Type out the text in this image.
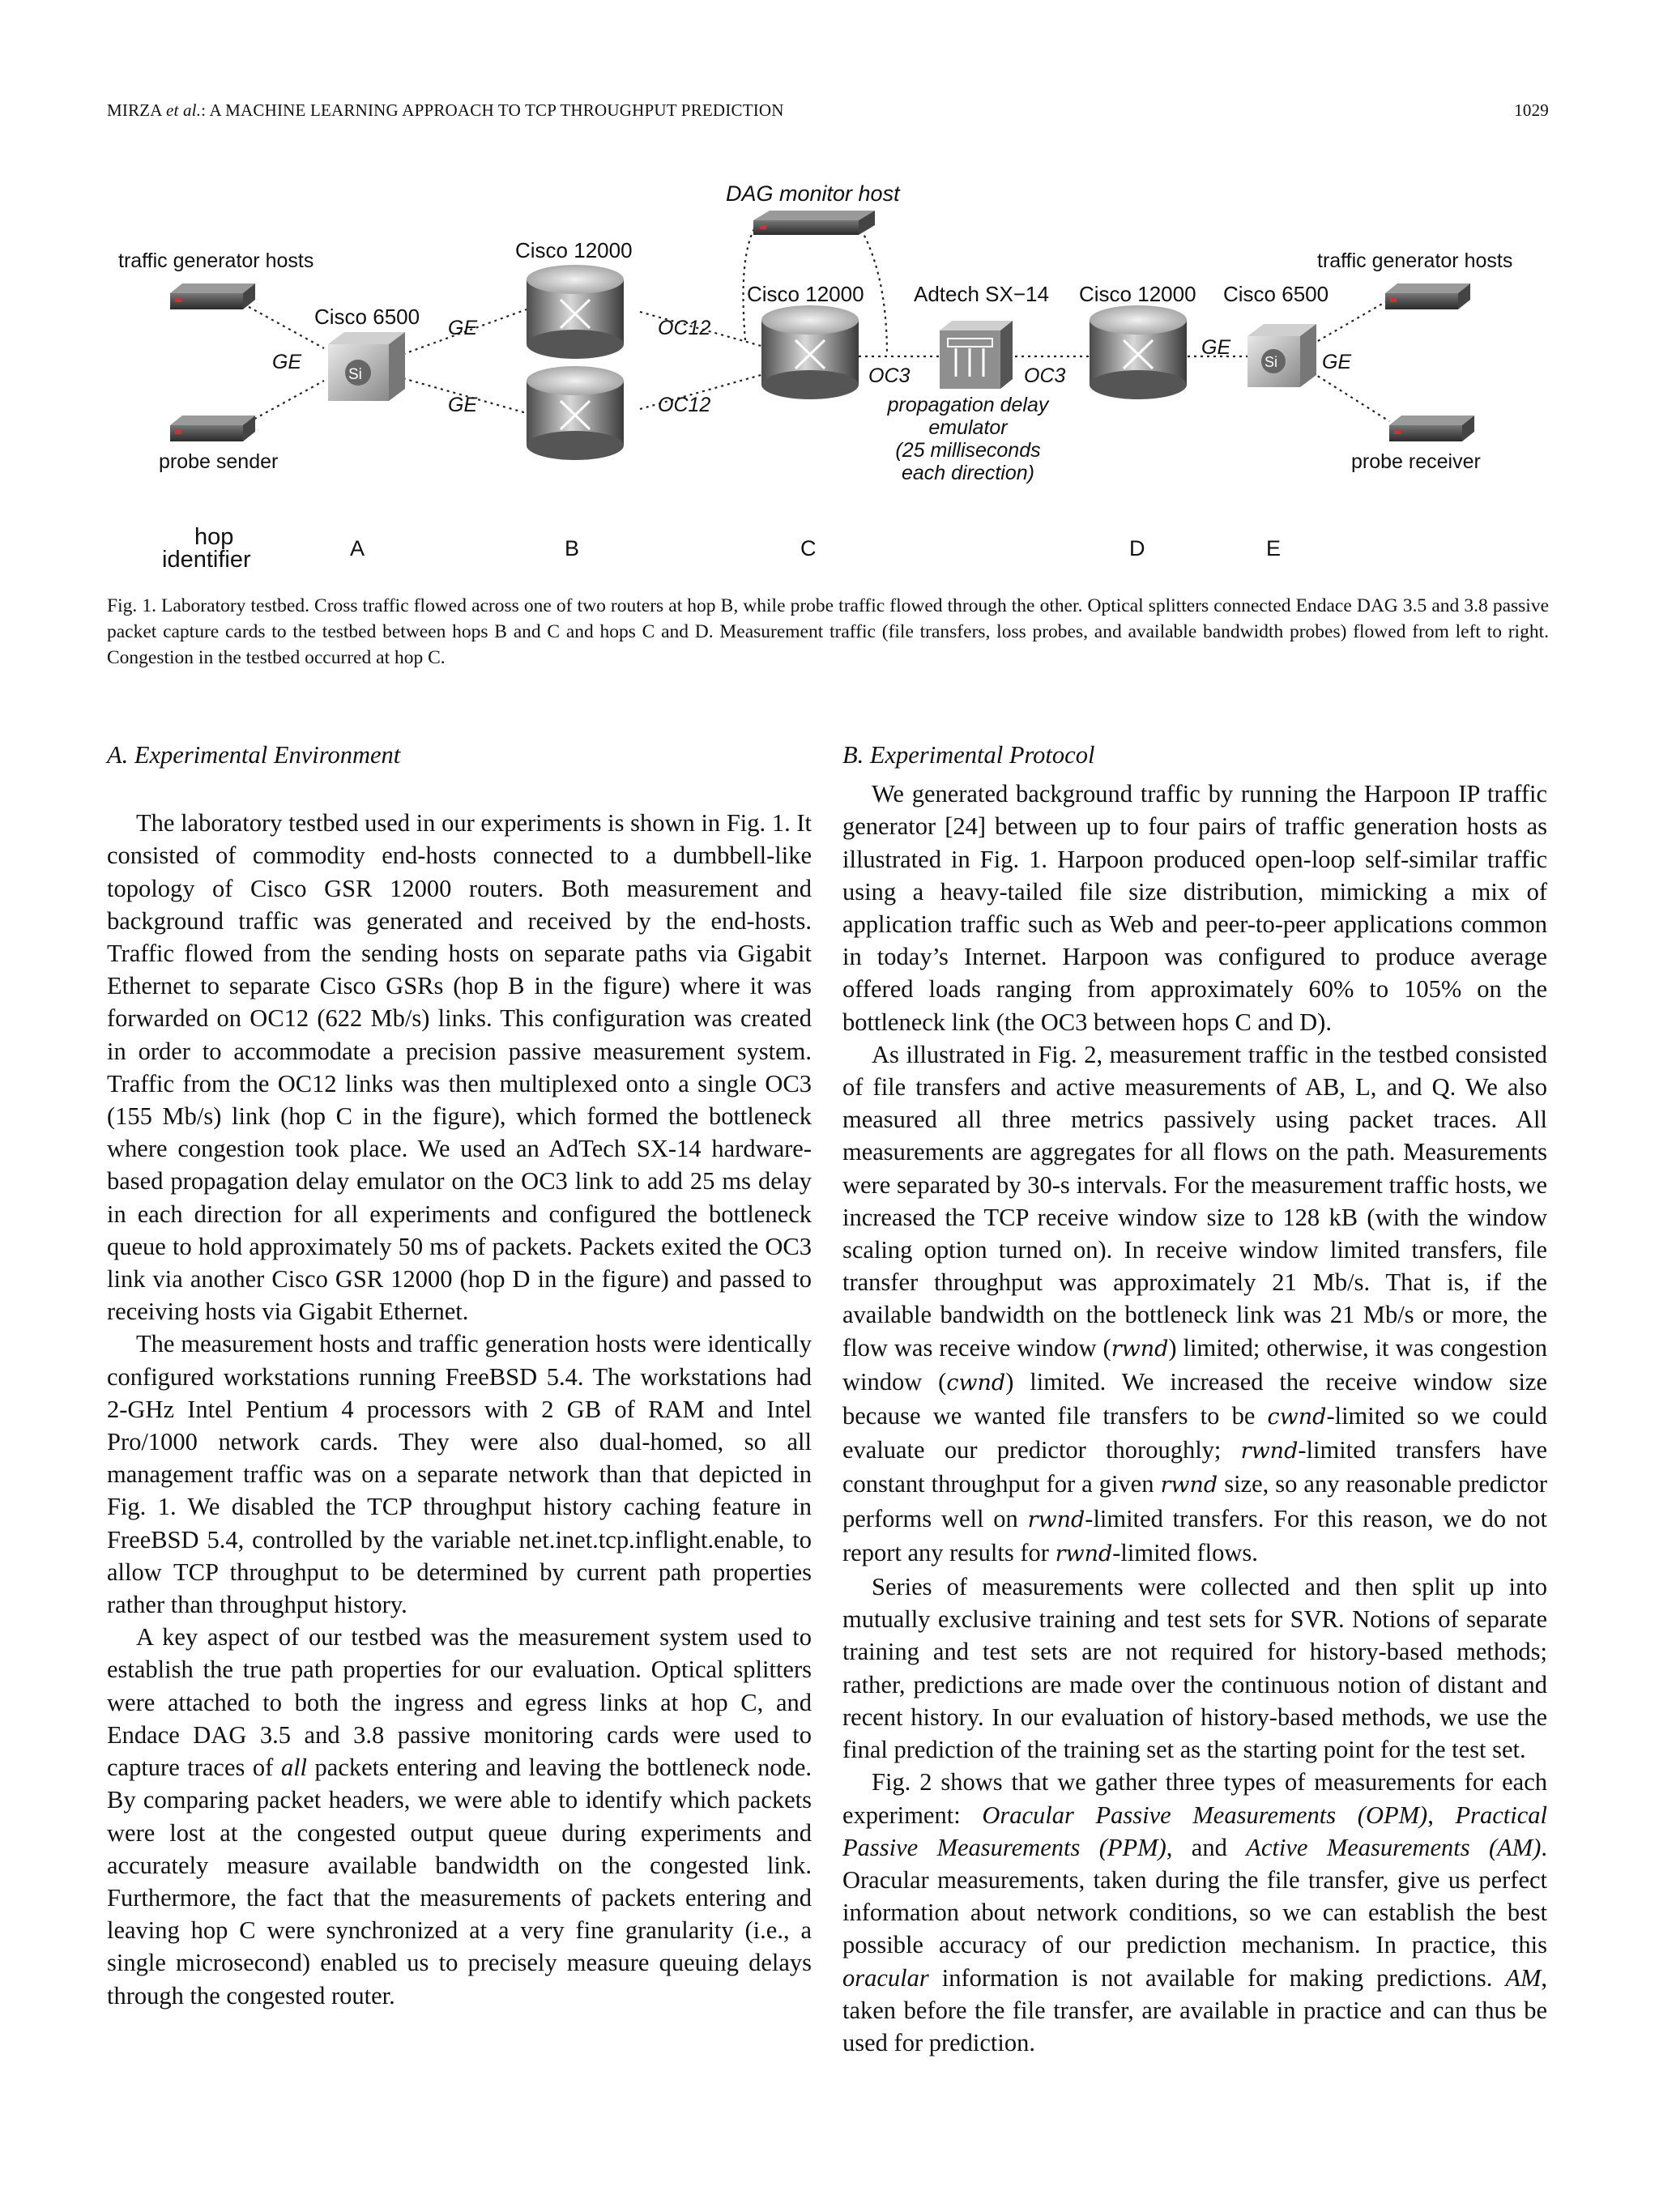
MIRZA et al.: A MACHINE LEARNING APPROACH TO TCP THROUGHPUT PREDICTION	1029
DAG monitor host
traffic generator hosts
probe sender
traffic generator hosts
probe receiver
Si
Cisco 6500
Cisco 12000
Cisco 12000 Adtech SX−14 Cisco 12000
Si
Cisco 6500
GE
GE
GE
GE
GE
OC12
OC12
OC3	OC3
propagation delay
emulator
(25 milliseconds
each direction)
hop
identifier	A	B	C	D	E
Fig. 1. Laboratory testbed. Cross traffic flowed across one of two routers at hop B, while probe traffic flowed through the other. Optical splitters connected Endace DAG 3.5 and 3.8 passive packet capture cards to the testbed between hops B and C and hops C and D. Measurement traffic (file transfers, loss probes, and available bandwidth probes) flowed from left to right. Congestion in the testbed occurred at hop C.
A. Experimental Environment

The laboratory testbed used in our experiments is shown in Fig. 1. It consisted of commodity end-hosts connected to a dumbbell-like topology of Cisco GSR 12000 routers. Both measurement and background traffic was generated and received by the end-hosts. Traffic flowed from the sending hosts on separate paths via Gigabit Ethernet to separate Cisco GSRs (hop B in the figure) where it was forwarded on OC12 (622 Mb/s) links. This configuration was created in order to accommodate a precision passive measurement system. Traffic from the OC12 links was then multiplexed onto a single OC3 (155 Mb/s) link (hop C in the figure), which formed the bottleneck where congestion took place. We used an AdTech SX-14 hardware-based propagation delay emulator on the OC3 link to add 25 ms delay in each direction for all experiments and configured the bottleneck queue to hold approximately 50 ms of packets. Packets exited the OC3 link via another Cisco GSR 12000 (hop D in the figure) and passed to receiving hosts via Gigabit Ethernet.

The measurement hosts and traffic generation hosts were identically configured workstations running FreeBSD 5.4. The workstations had 2-GHz Intel Pentium 4 processors with 2 GB of RAM and Intel Pro/1000 network cards. They were also dual-homed, so all management traffic was on a separate network than that depicted in Fig. 1. We disabled the TCP throughput history caching feature in FreeBSD 5.4, controlled by the variable net.inet.tcp.inflight.enable, to allow TCP throughput to be determined by current path properties rather than throughput history.

A key aspect of our testbed was the measurement system used to establish the true path properties for our evaluation. Optical splitters were attached to both the ingress and egress links at hop C, and Endace DAG 3.5 and 3.8 passive monitoring cards were used to capture traces of all packets entering and leaving the bottleneck node. By comparing packet headers, we were able to identify which packets were lost at the congested output queue during experiments and accurately measure available bandwidth on the congested link. Furthermore, the fact that the measurements of packets entering and leaving hop C were synchronized at a very fine granularity (i.e., a single microsecond) enabled us to precisely measure queuing delays through the congested router.

B. Experimental Protocol

We generated background traffic by running the Harpoon IP traffic generator [24] between up to four pairs of traffic generation hosts as illustrated in Fig. 1. Harpoon produced open-loop self-similar traffic using a heavy-tailed file size distribution, mimicking a mix of application traffic such as Web and peer-to-peer applications common in today’s Internet. Harpoon was configured to produce average offered loads ranging from approximately 60% to 105% on the bottleneck link (the OC3 between hops C and D).

As illustrated in Fig. 2, measurement traffic in the testbed consisted of file transfers and active measurements of AB, L, and Q. We also measured all three metrics passively using packet traces. All measurements are aggregates for all flows on the path. Measurements were separated by 30-s intervals. For the measurement traffic hosts, we increased the TCP receive window size to 128 kB (with the window scaling option turned on). In receive window limited transfers, file transfer throughput was approximately 21 Mb/s. That is, if the available bandwidth on the bottleneck link was 21 Mb/s or more, the flow was receive window (rwnd) limited; otherwise, it was congestion window (cwnd) limited. We increased the receive window size because we wanted file transfers to be cwnd-limited so we could evaluate our predictor thoroughly; rwnd-limited transfers have constant throughput for a given rwnd size, so any reasonable predictor performs well on rwnd-limited transfers. For this reason, we do not report any results for rwnd-limited flows.

Series of measurements were collected and then split up into mutually exclusive training and test sets for SVR. Notions of separate training and test sets are not required for history-based methods; rather, predictions are made over the continuous notion of distant and recent history. In our evaluation of history-based methods, we use the final prediction of the training set as the starting point for the test set.

Fig. 2 shows that we gather three types of measurements for each experiment: Oracular Passive Measurements (OPM), Practical Passive Measurements (PPM), and Active Measurements (AM). Oracular measurements, taken during the file transfer, give us perfect information about network conditions, so we can establish the best possible accuracy of our prediction mechanism. In practice, this oracular information is not available for making predictions. AM, taken before the file transfer, are available in practice and can thus be used for prediction.
